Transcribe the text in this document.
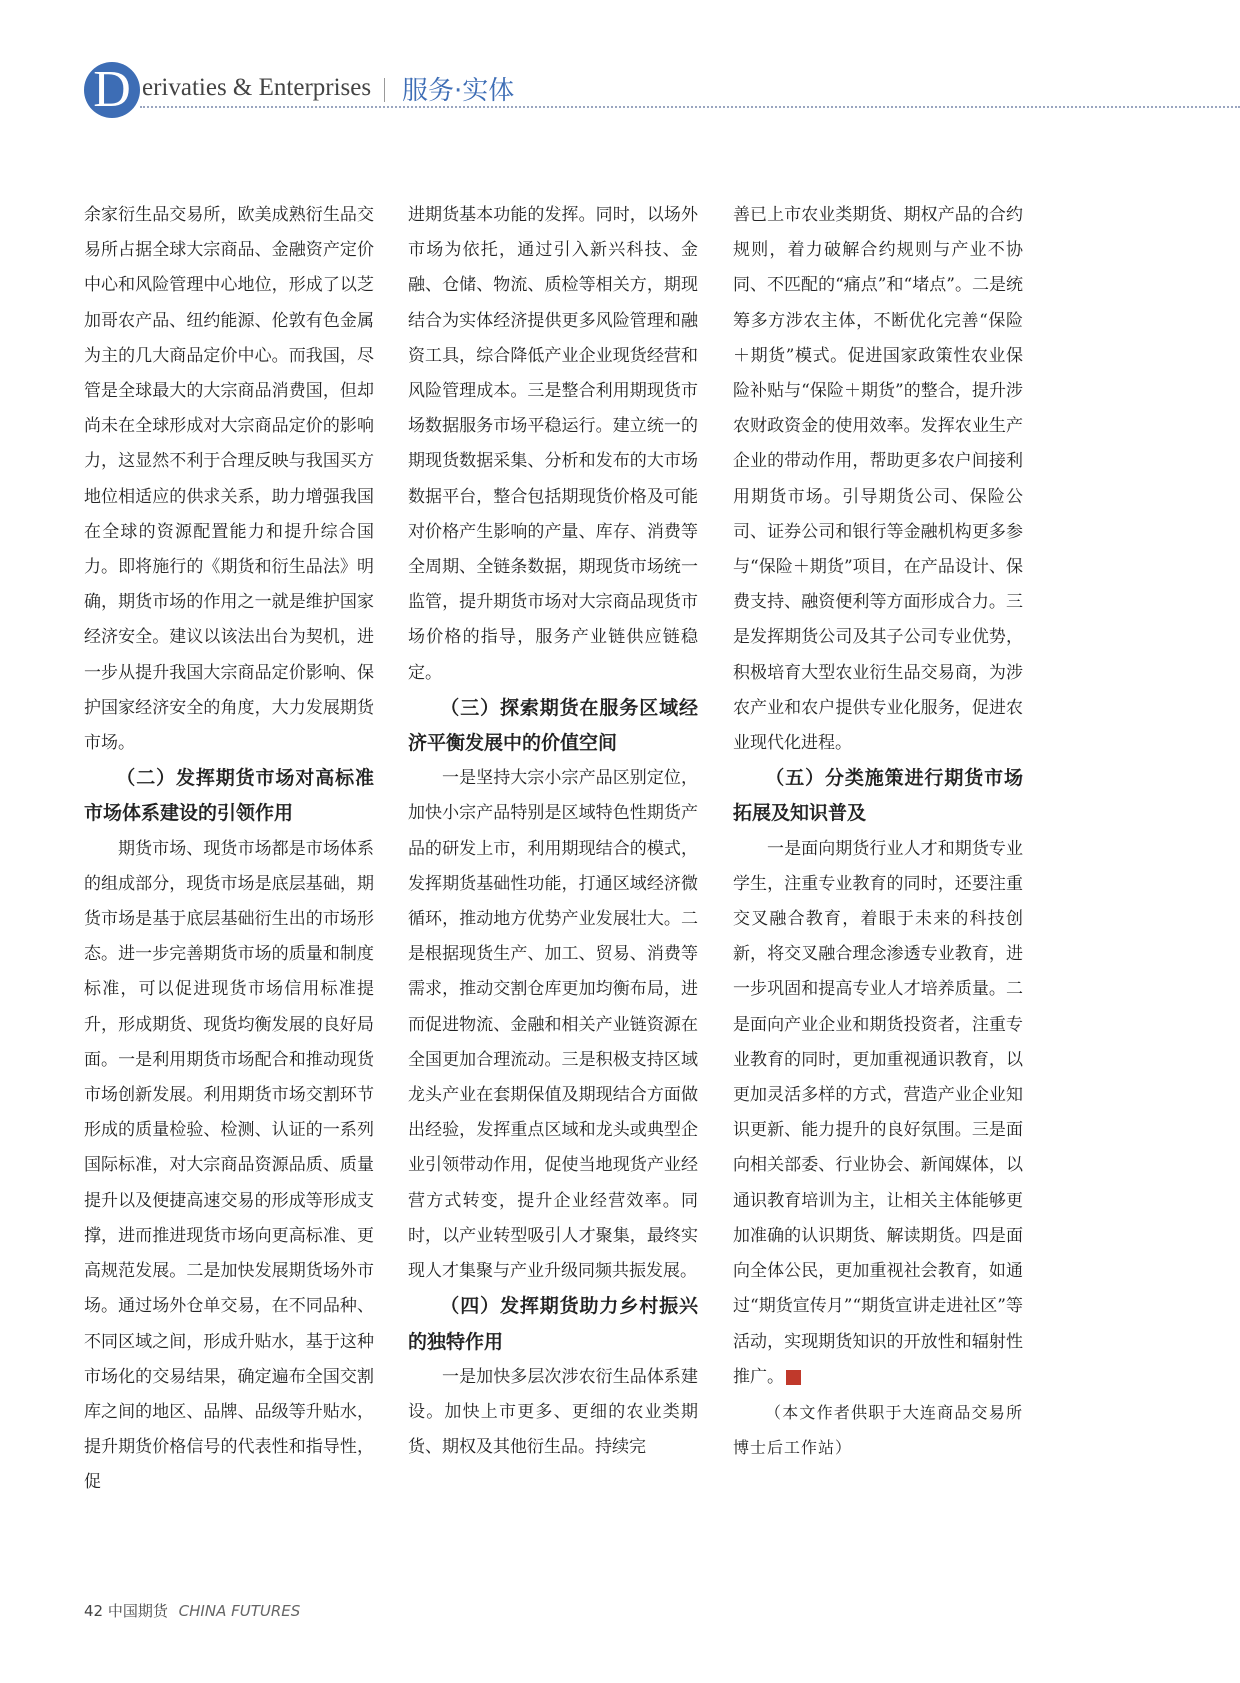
D erivaties & Enterprises 服务·实体

余家衍生品交易所，欧美成熟衍生品交易所占据全球大宗商品、金融资产定价中心和风险管理中心地位，形成了以芝加哥农产品、纽约能源、伦敦有色金属为主的几大商品定价中心。而我国，尽管是全球最大的大宗商品消费国，但却尚未在全球形成对大宗商品定价的影响力，这显然不利于合理反映与我国买方地位相适应的供求关系，助力增强我国在全球的资源配置能力和提升综合国力。即将施行的《期货和衍生品法》明确，期货市场的作用之一就是维护国家经济安全。建议以该法出台为契机，进一步从提升我国大宗商品定价影响、保护国家经济安全的角度，大力发展期货市场。

（二）发挥期货市场对高标准市场体系建设的引领作用

期货市场、现货市场都是市场体系的组成部分，现货市场是底层基础，期货市场是基于底层基础衍生出的市场形态。进一步完善期货市场的质量和制度标准，可以促进现货市场信用标准提升，形成期货、现货均衡发展的良好局面。一是利用期货市场配合和推动现货市场创新发展。利用期货市场交割环节形成的质量检验、检测、认证的一系列国际标准，对大宗商品资源品质、质量提升以及便捷高速交易的形成等形成支撑，进而推进现货市场向更高标准、更高规范发展。二是加快发展期货场外市场。通过场外仓单交易，在不同品种、不同区域之间，形成升贴水，基于这种市场化的交易结果，确定遍布全国交割库之间的地区、品牌、品级等升贴水，提升期货价格信号的代表性和指导性，促

进期货基本功能的发挥。同时，以场外市场为依托，通过引入新兴科技、金融、仓储、物流、质检等相关方，期现结合为实体经济提供更多风险管理和融资工具，综合降低产业企业现货经营和风险管理成本。三是整合利用期现货市场数据服务市场平稳运行。建立统一的期现货数据采集、分析和发布的大市场数据平台，整合包括期现货价格及可能对价格产生影响的产量、库存、消费等全周期、全链条数据，期现货市场统一监管，提升期货市场对大宗商品现货市场价格的指导，服务产业链供应链稳定。

（三）探索期货在服务区域经济平衡发展中的价值空间

一是坚持大宗小宗产品区别定位，加快小宗产品特别是区域特色性期货产品的研发上市，利用期现结合的模式，发挥期货基础性功能，打通区域经济微循环，推动地方优势产业发展壮大。二是根据现货生产、加工、贸易、消费等需求，推动交割仓库更加均衡布局，进而促进物流、金融和相关产业链资源在全国更加合理流动。三是积极支持区域龙头产业在套期保值及期现结合方面做出经验，发挥重点区域和龙头或典型企业引领带动作用，促使当地现货产业经营方式转变，提升企业经营效率。同时，以产业转型吸引人才聚集，最终实现人才集聚与产业升级同频共振发展。

（四）发挥期货助力乡村振兴的独特作用

一是加快多层次涉农衍生品体系建设。加快上市更多、更细的农业类期货、期权及其他衍生品。持续完

善已上市农业类期货、期权产品的合约规则，着力破解合约规则与产业不协同、不匹配的“痛点”和“堵点”。二是统筹多方涉农主体，不断优化完善“保险＋期货”模式。促进国家政策性农业保险补贴与“保险＋期货”的整合，提升涉农财政资金的使用效率。发挥农业生产企业的带动作用，帮助更多农户间接利用期货市场。引导期货公司、保险公司、证券公司和银行等金融机构更多参与“保险＋期货”项目，在产品设计、保费支持、融资便利等方面形成合力。三是发挥期货公司及其子公司专业优势，积极培育大型农业衍生品交易商，为涉农产业和农户提供专业化服务，促进农业现代化进程。

（五）分类施策进行期货市场拓展及知识普及

一是面向期货行业人才和期货专业学生，注重专业教育的同时，还要注重交叉融合教育，着眼于未来的科技创新，将交叉融合理念渗透专业教育，进一步巩固和提高专业人才培养质量。二是面向产业企业和期货投资者，注重专业教育的同时，更加重视通识教育，以更加灵活多样的方式，营造产业企业知识更新、能力提升的良好氛围。三是面向相关部委、行业协会、新闻媒体，以通识教育培训为主，让相关主体能够更加准确的认识期货、解读期货。四是面向全体公民，更加重视社会教育，如通过“期货宣传月”“期货宣讲走进社区”等活动，实现期货知识的开放性和辐射性推广。

（本文作者供职于大连商品交易所博士后工作站）

42 中国期货 CHINA FUTURES
